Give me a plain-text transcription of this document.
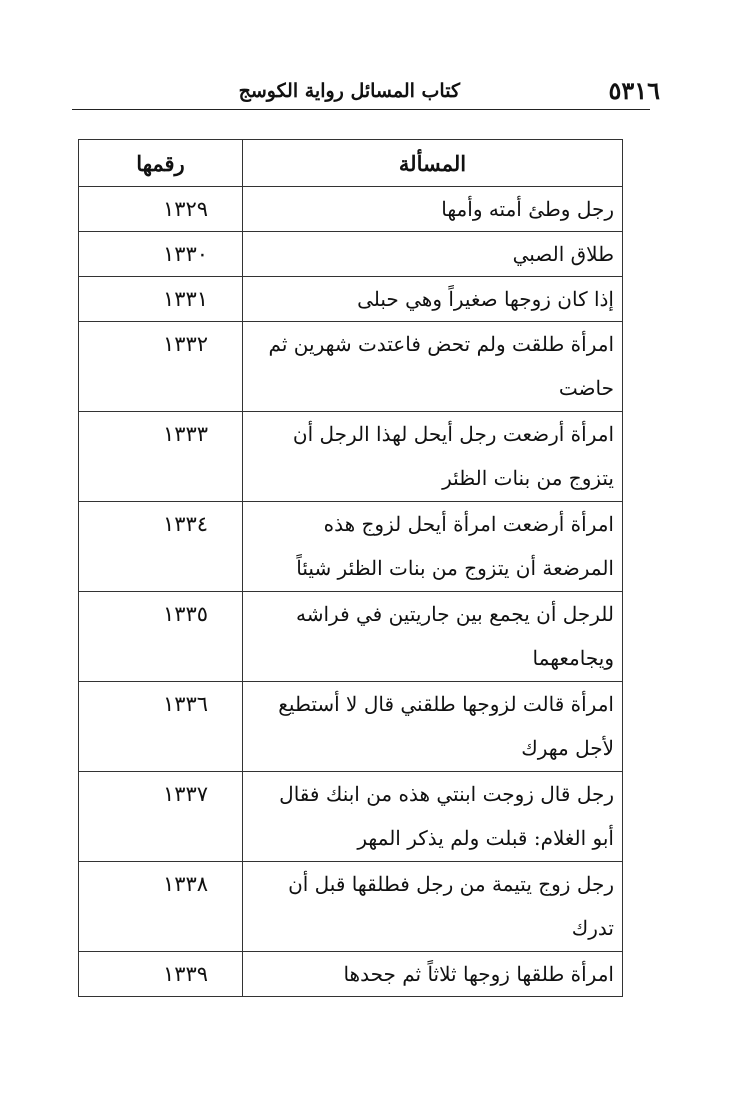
٥٣١٦
كتاب المسائل رواية الكوسج
المسألة	رقمها
رجل وطئ أمته وأمها	١٣٢٩
طلاق الصبي	١٣٣٠
إذا كان زوجها صغيراً وهي حبلى	١٣٣١
امرأة طلقت ولم تحض فاعتدت شهرين ثم حاضت	١٣٣٢
امرأة أرضعت رجل أيحل لهذا الرجل أن يتزوج من بنات الظئر	١٣٣٣
امرأة أرضعت امرأة أيحل لزوج هذه المرضعة أن يتزوج من بنات الظئر شيئاً	١٣٣٤
للرجل أن يجمع بين جاريتين في فراشه ويجامعهما	١٣٣٥
امرأة قالت لزوجها طلقني قال لا أستطيع لأجل مهرك	١٣٣٦
رجل قال زوجت ابنتي هذه من ابنك فقال أبو الغلام: قبلت ولم يذكر المهر	١٣٣٧
رجل زوج يتيمة من رجل فطلقها قبل أن تدرك	١٣٣٨
امرأة طلقها زوجها ثلاثاً ثم جحدها	١٣٣٩
